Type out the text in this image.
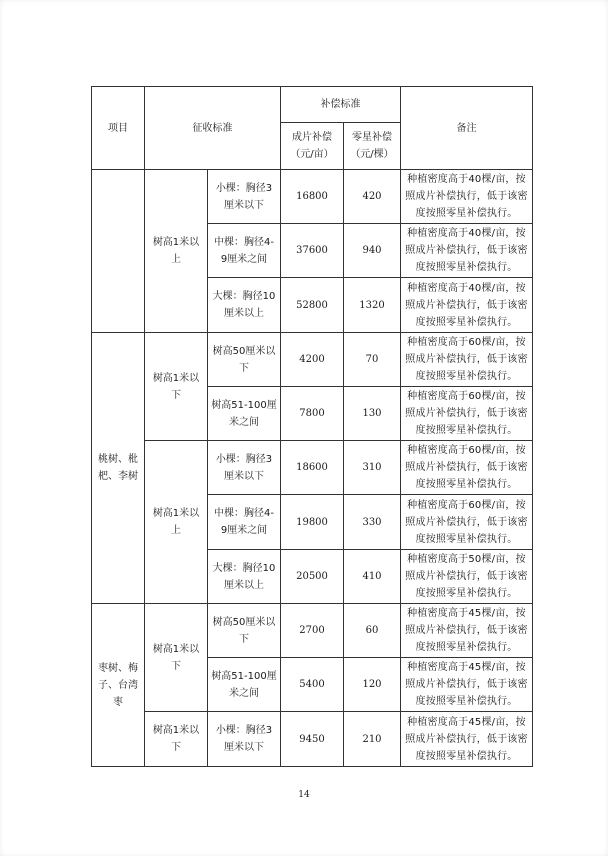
项目	征收标准		补偿标准		备注
			成片补偿（元/亩）	零星补偿（元/棵）	
	树高1米以上	小棵：胸径3厘米以下	16800	420	种植密度高于40棵/亩，按照成片补偿执行，低于该密度按照零星补偿执行。
		中棵：胸径4-9厘米之间	37600	940	种植密度高于40棵/亩，按照成片补偿执行，低于该密度按照零星补偿执行。
		大棵：胸径10厘米以上	52800	1320	种植密度高于40棵/亩，按照成片补偿执行，低于该密度按照零星补偿执行。
桃树、枇杷、李树	树高1米以下	树高50厘米以下	4200	70	种植密度高于60棵/亩，按照成片补偿执行，低于该密度按照零星补偿执行。
		树高51-100厘米之间	7800	130	种植密度高于60棵/亩，按照成片补偿执行，低于该密度按照零星补偿执行。
	树高1米以上	小棵：胸径3厘米以下	18600	310	种植密度高于60棵/亩，按照成片补偿执行，低于该密度按照零星补偿执行。
		中棵：胸径4-9厘米之间	19800	330	种植密度高于60棵/亩，按照成片补偿执行，低于该密度按照零星补偿执行。
		大棵：胸径10厘米以上	20500	410	种植密度高于50棵/亩，按照成片补偿执行，低于该密度按照零星补偿执行。
枣树、梅子、台湾枣	树高1米以下	树高50厘米以下	2700	60	种植密度高于45棵/亩，按照成片补偿执行，低于该密度按照零星补偿执行。
		树高51-100厘米之间	5400	120	种植密度高于45棵/亩，按照成片补偿执行，低于该密度按照零星补偿执行。
	树高1米以下	小棵：胸径3厘米以下	9450	210	种植密度高于45棵/亩，按照成片补偿执行，低于该密度按照零星补偿执行。
14
